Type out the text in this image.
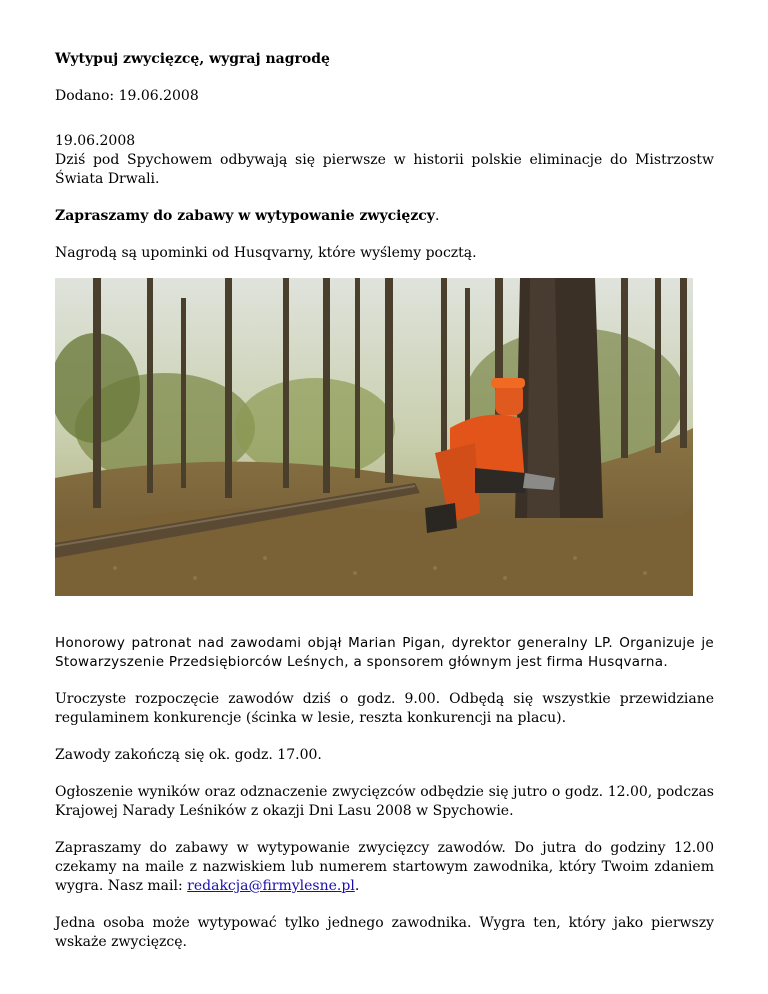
Wytypuj zwycięzcę, wygraj nagrodę

Dodano: 19.06.2008

19.06.2008

Dziś pod Spychowem odbywają się pierwsze w historii polskie eliminacje do Mistrzostw Świata Drwali.

Zapraszamy do zabawy w wytypowanie zwycięzcy.

Nagrodą są upominki od Husqvarny, które wyślemy pocztą.

Honorowy patronat nad zawodami objął Marian Pigan, dyrektor generalny LP. Organizuje je Stowarzyszenie Przedsiębiorców Leśnych, a sponsorem głównym jest firma Husqvarna.

Uroczyste rozpoczęcie zawodów dziś o godz. 9.00. Odbędą się wszystkie przewidziane regulaminem konkurencje (ścinka w lesie, reszta konkurencji na placu).

Zawody zakończą się ok. godz. 17.00.

Ogłoszenie wyników oraz odznaczenie zwycięzców odbędzie się jutro o godz. 12.00, podczas Krajowej Narady Leśników z okazji Dni Lasu 2008 w Spychowie.

Zapraszamy do zabawy w wytypowanie zwycięzcy zawodów. Do jutra do godziny 12.00 czekamy na maile z nazwiskiem lub numerem startowym zawodnika, który Twoim zdaniem wygra. Nasz mail: redakcja@firmylesne.pl.

Jedna osoba może wytypować tylko jednego zawodnika. Wygra ten, który jako pierwszy wskaże zwycięzcę.
